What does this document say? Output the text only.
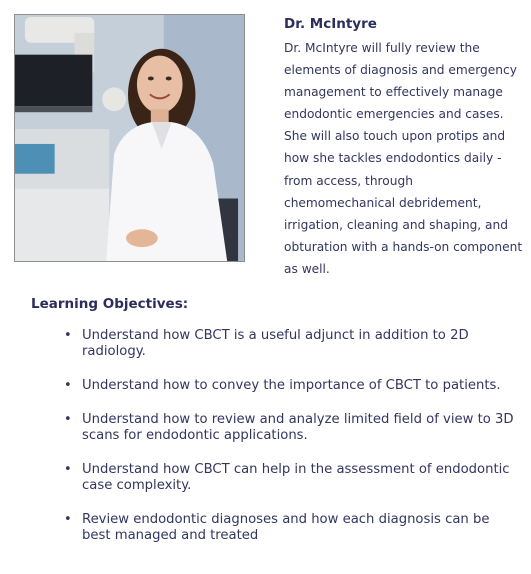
Dr. McIntyre

Dr. McIntyre will fully review the elements of diagnosis and emergency management to effectively manage endodontic emergencies and cases. She will also touch upon protips and how she tackles endodontics daily - from access, through chemomechanical debridement, irrigation, cleaning and shaping, and obturation with a hands-on component as well.

Learning Objectives:
• Understand how CBCT is a useful adjunct in addition to 2D radiology.
• Understand how to convey the importance of CBCT to patients.
• Understand how to review and analyze limited field of view to 3D scans for endodontic applications.
• Understand how CBCT can help in the assessment of endodontic case complexity.
• Review endodontic diagnoses and how each diagnosis can be best managed and treated
